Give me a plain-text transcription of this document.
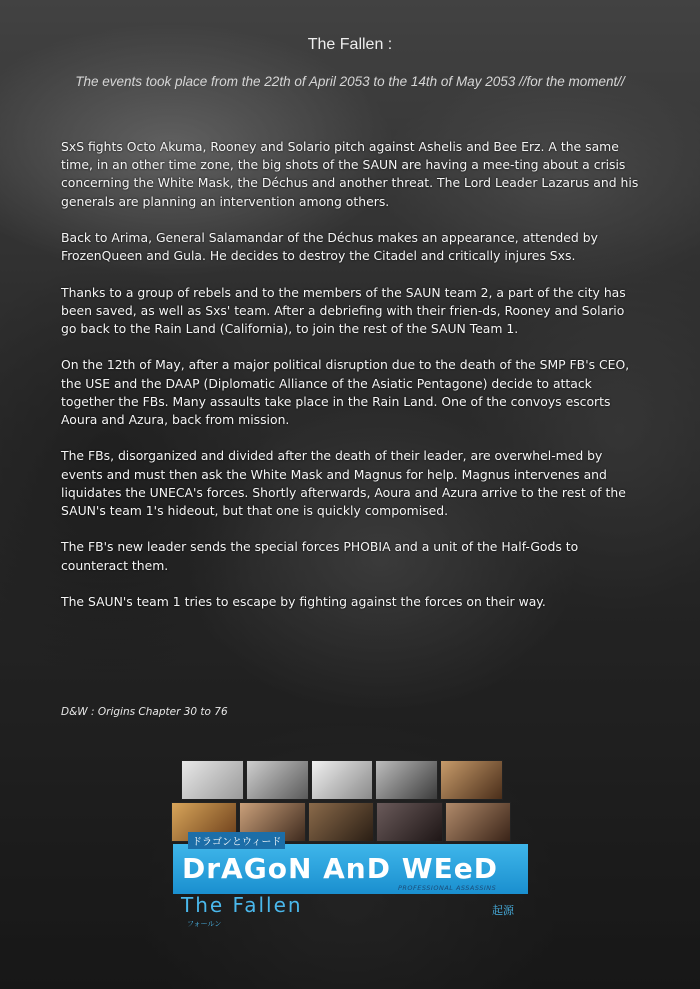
The Fallen :
The events took place from the 22th of April 2053 to the 14th of May 2053 //for the moment//

SxS fights Octo Akuma, Rooney and Solario pitch against Ashelis and Bee Erz. A the same time, in an other time zone, the big shots of the SAUN are having a mee-ting about a crisis concerning the White Mask, the Déchus and another threat. The Lord Leader Lazarus and his generals are planning an intervention among others.

Back to Arima, General Salamandar of the Déchus makes an appearance, attended by FrozenQueen and Gula. He decides to destroy the Citadel and critically injures Sxs.

Thanks to a group of rebels and to the members of the SAUN team 2, a part of the city has been saved, as well as Sxs' team. After a debriefing with their frien-ds, Rooney and Solario go back to the Rain Land (California), to join the rest of the SAUN Team 1.

On the 12th of May, after a major political disruption due to the death of the SMP FB's CEO, the USE and the DAAP (Diplomatic Alliance of the Asiatic Pentagone) decide to attack together the FBs. Many assaults take place in the Rain Land. One of the convoys escorts Aoura and Azura, back from mission.

The FBs, disorganized and divided after the death of their leader, are overwhel-med by events and must then ask the White Mask and Magnus for help. Magnus intervenes and liquidates the UNECA's forces. Shortly afterwards, Aoura and Azura arrive to the rest of the SAUN's team 1's hideout, but that one is quickly compomised.

The FB's new leader sends the special forces PHOBIA and a unit of the Half-Gods to counteract them.

The SAUN's team 1 tries to escape by fighting against the forces on their way.

D&W : Origins Chapter 30 to 76
ドラゴンとウィード
DrAGoN AnD WEeD
PROFESSIONAL ASSASSINS
The Fallen
フォールン
起源
